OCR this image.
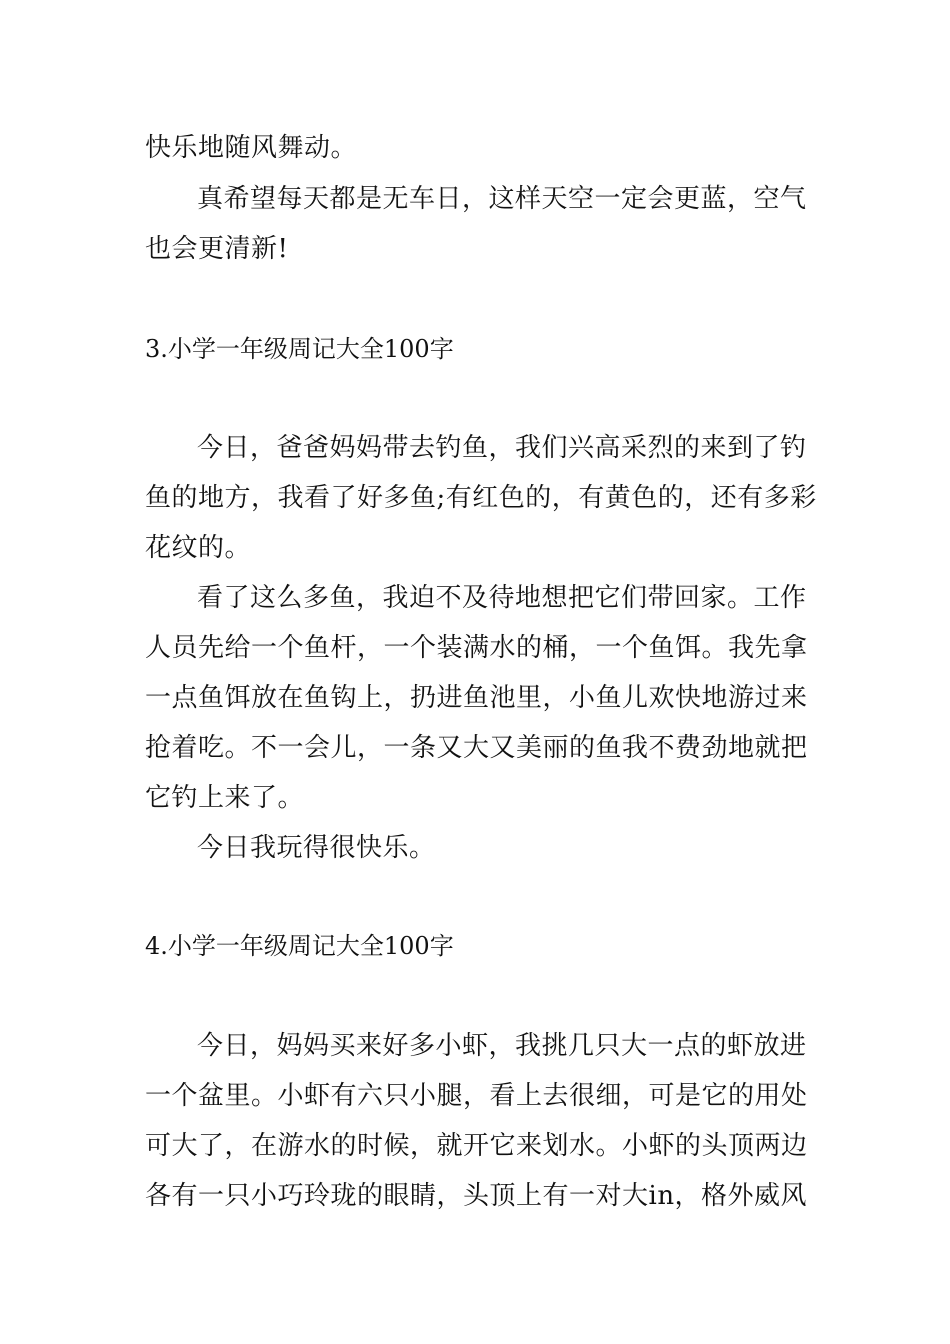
快乐地随风舞动。
真希望每天都是无车日，这样天空一定会更蓝，空气
也会更清新!
3.小学一年级周记大全100字
今日，爸爸妈妈带去钓鱼，我们兴高采烈的来到了钓
鱼的地方，我看了好多鱼;有红色的，有黄色的，还有多彩
花纹的。
看了这么多鱼，我迫不及待地想把它们带回家。工作
人员先给一个鱼杆，一个装满水的桶，一个鱼饵。我先拿
一点鱼饵放在鱼钩上，扔进鱼池里，小鱼儿欢快地游过来
抢着吃。不一会儿，一条又大又美丽的鱼我不费劲地就把
它钓上来了。
今日我玩得很快乐。
4.小学一年级周记大全100字
今日，妈妈买来好多小虾，我挑几只大一点的虾放进
一个盆里。小虾有六只小腿，看上去很细，可是它的用处
可大了，在游水的时候，就开它来划水。小虾的头顶两边
各有一只小巧玲珑的眼睛，头顶上有一对大in，格外威风
